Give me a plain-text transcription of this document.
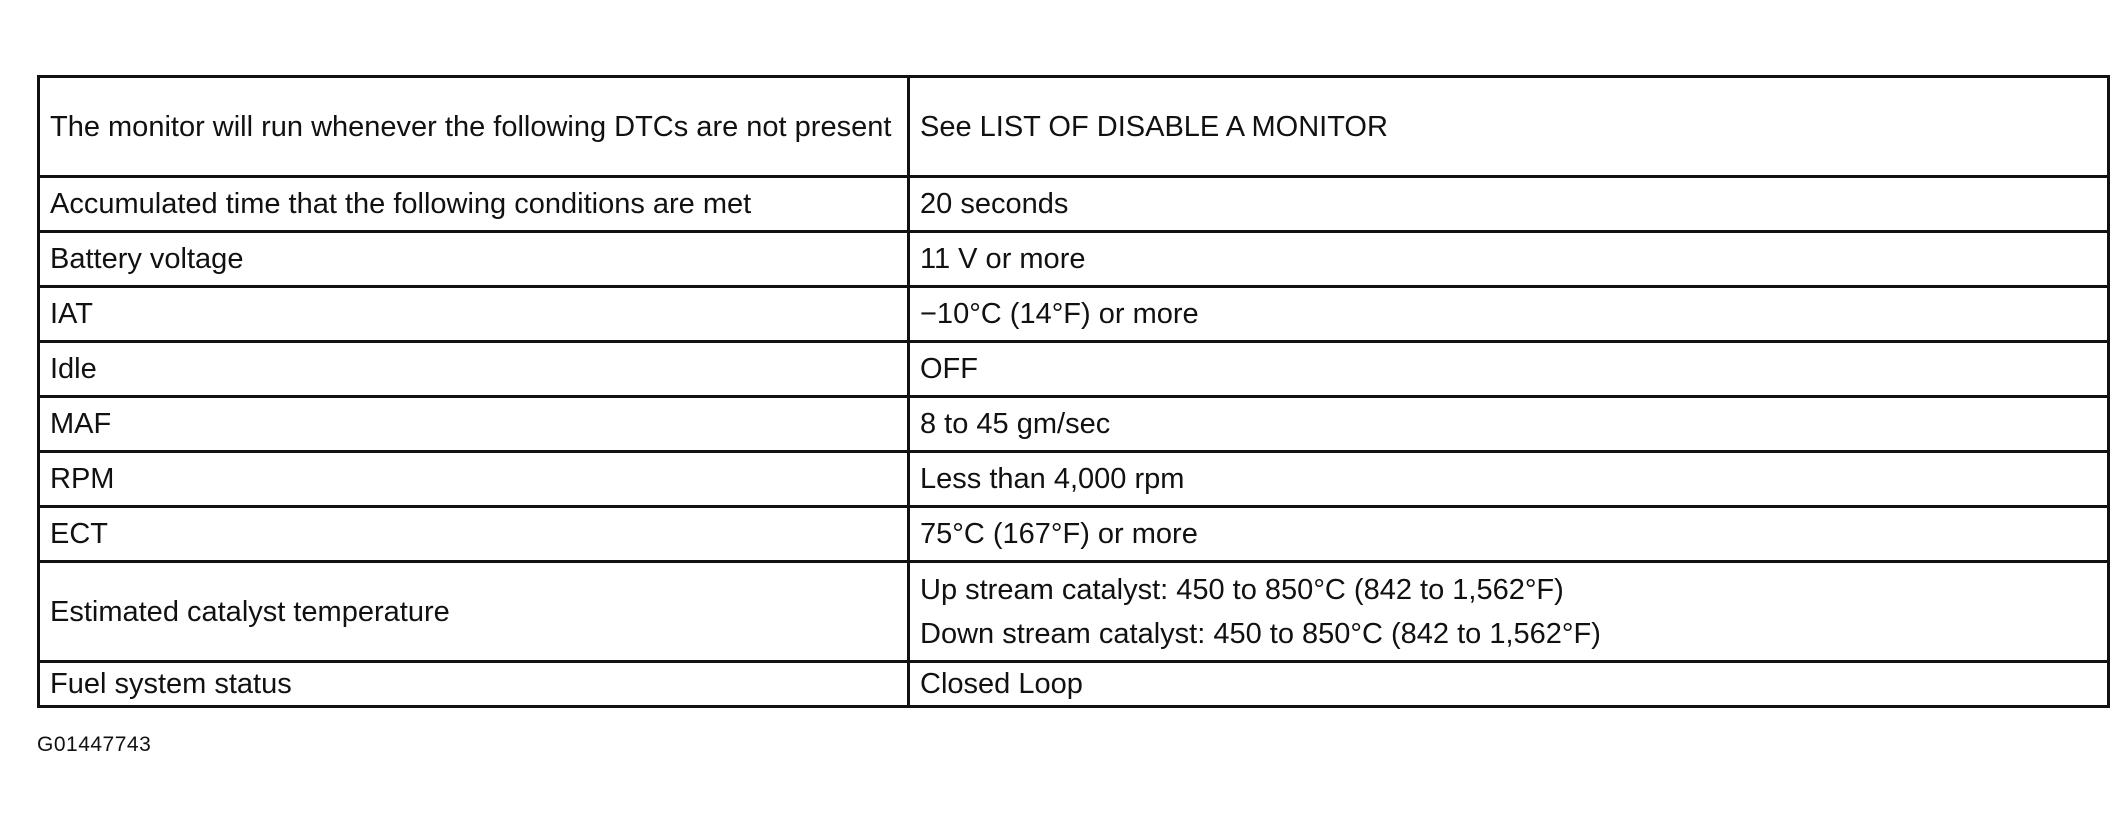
The monitor will run whenever the following DTCs are not present	See LIST OF DISABLE A MONITOR
Accumulated time that the following conditions are met	20 seconds
Battery voltage	11 V or more
IAT	−10°C (14°F) or more
Idle	OFF
MAF	8 to 45 gm/sec
RPM	Less than 4,000 rpm
ECT	75°C (167°F) or more
Estimated catalyst temperature	Up stream catalyst: 450 to 850°C (842 to 1,562°F)
Down stream catalyst: 450 to 850°C (842 to 1,562°F)

Fuel system status	Closed Loop
G01447743
